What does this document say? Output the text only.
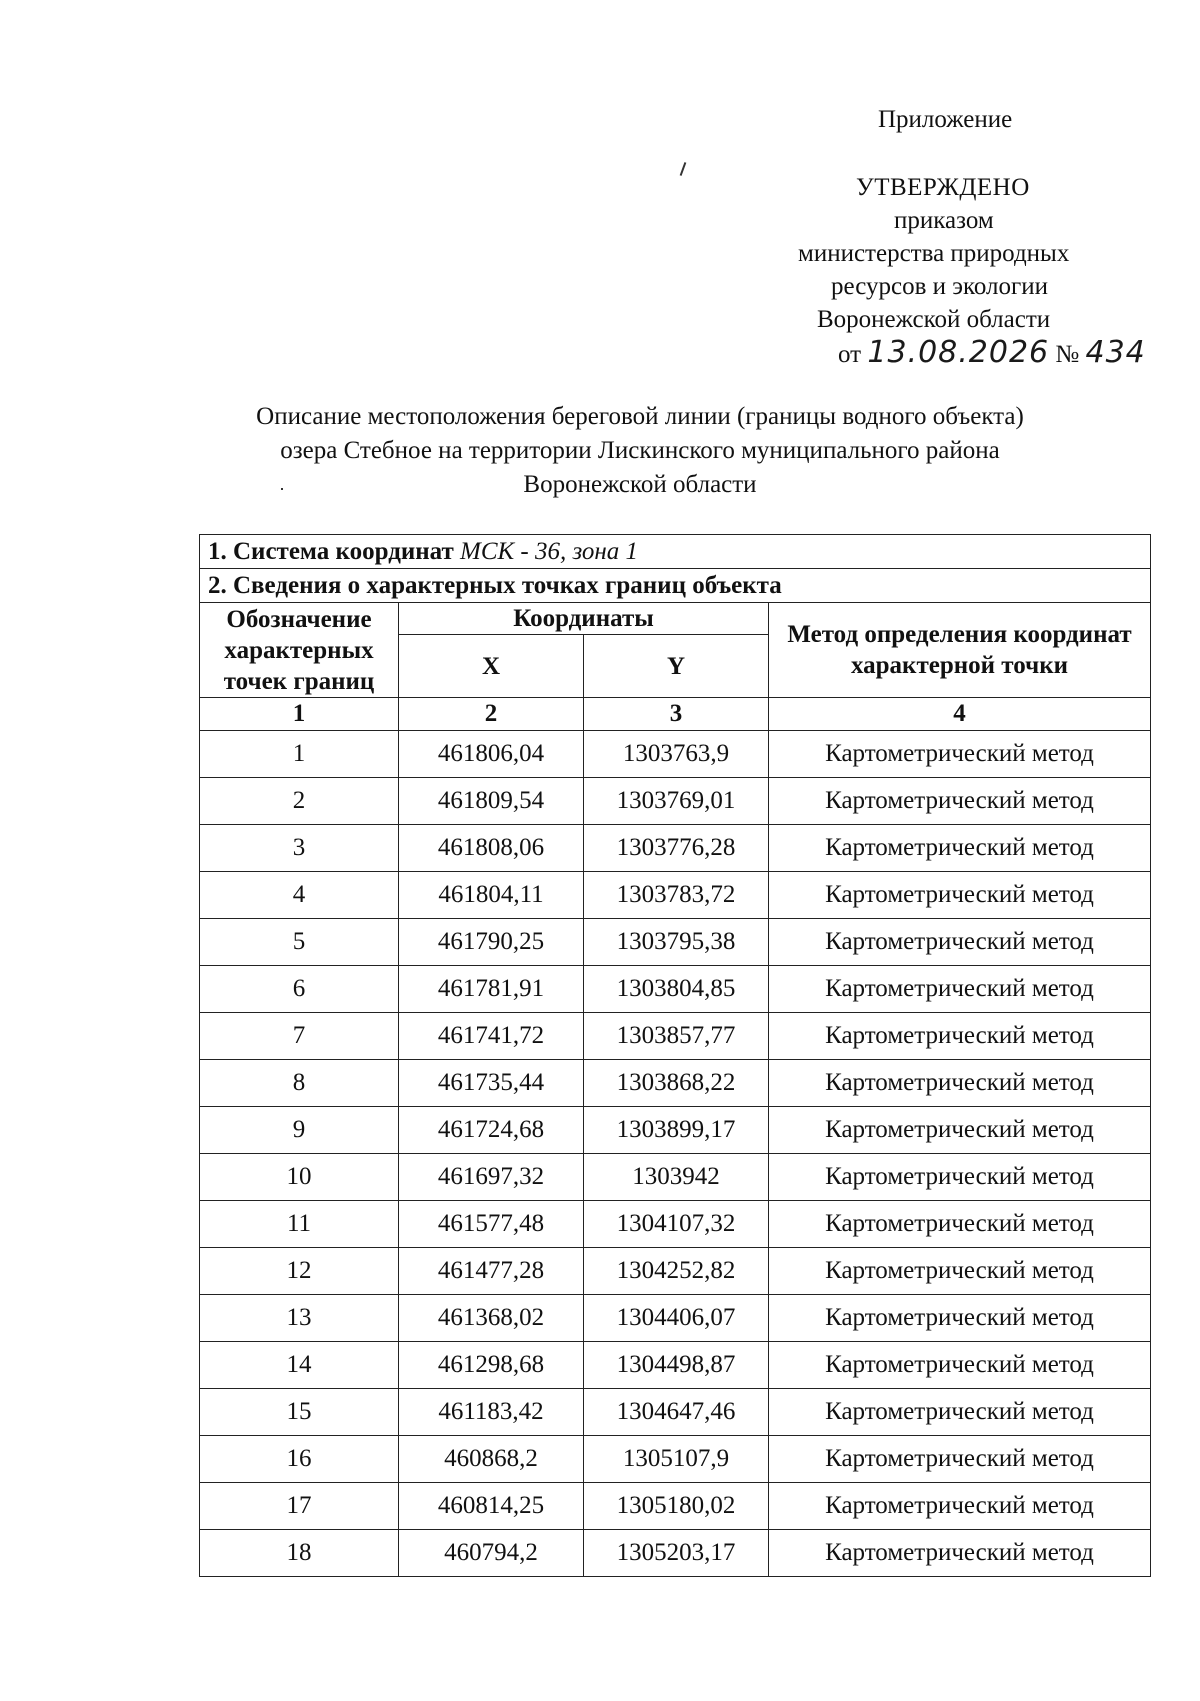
Приложение
УТВЕРЖДЕНО
приказом
министерства природных
ресурсов и экологии
Воронежской области
от 13.08.2026 № 434
Описание местоположения береговой линии (границы водного объекта)
озера Стебное на территории Лискинского муниципального района
Воронежской области
1. Система координат МСК - 36, зона 1			
2. Сведения о характерных точках границ объекта			
Обозначение характерных точек границ	Координаты		Метод определения координат характерной точки
	X	Y	
1	2	3	4
1	461806,04	1303763,9	Картометрический метод
2	461809,54	1303769,01	Картометрический метод
3	461808,06	1303776,28	Картометрический метод
4	461804,11	1303783,72	Картометрический метод
5	461790,25	1303795,38	Картометрический метод
6	461781,91	1303804,85	Картометрический метод
7	461741,72	1303857,77	Картометрический метод
8	461735,44	1303868,22	Картометрический метод
9	461724,68	1303899,17	Картометрический метод
10	461697,32	1303942	Картометрический метод
11	461577,48	1304107,32	Картометрический метод
12	461477,28	1304252,82	Картометрический метод
13	461368,02	1304406,07	Картометрический метод
14	461298,68	1304498,87	Картометрический метод
15	461183,42	1304647,46	Картометрический метод
16	460868,2	1305107,9	Картометрический метод
17	460814,25	1305180,02	Картометрический метод
18	460794,2	1305203,17	Картометрический метод
